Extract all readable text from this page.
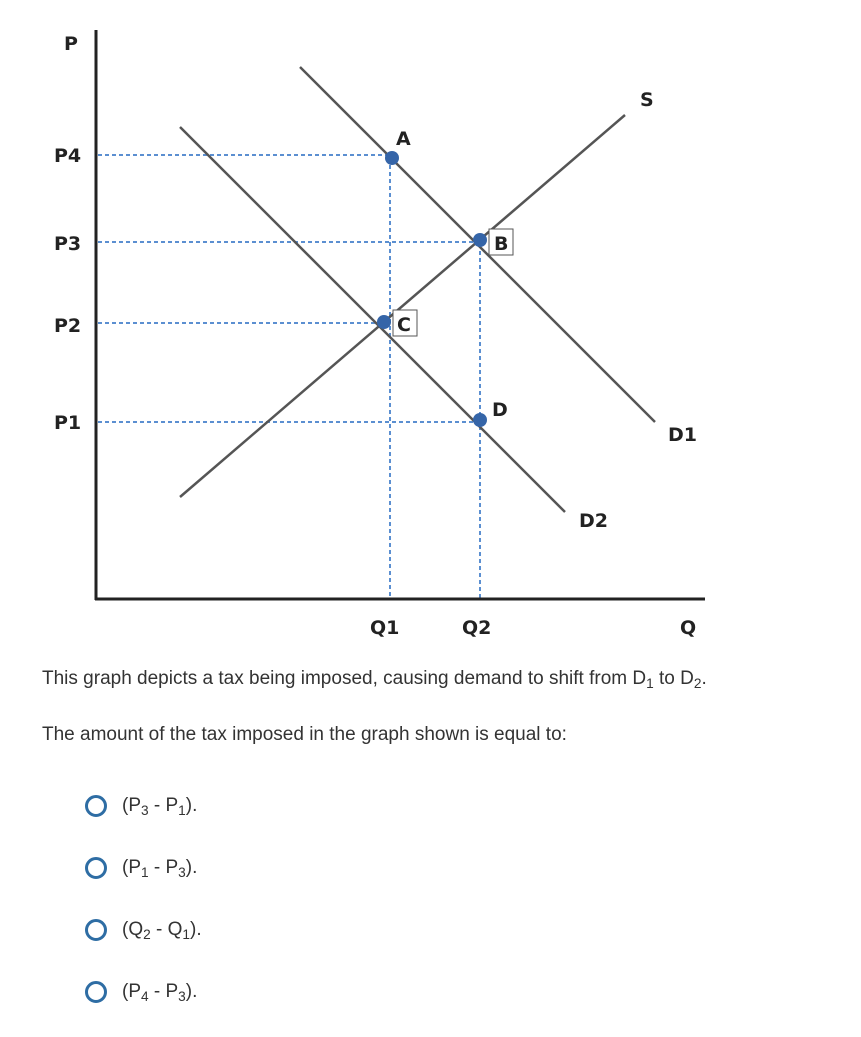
P
Q
P4
P3
P2
P1
Q1	Q2
S
D1
D2
A
B
C
D

This graph depicts a tax being imposed, causing demand to shift from $D_1$ to $D_2$.

The amount of the tax imposed in the graph shown is equal to:

$(P_3 - P_1)$.
$(P_1 - P_3)$.
$(Q_2 - Q_1)$.
$(P_4 - P_3)$.
